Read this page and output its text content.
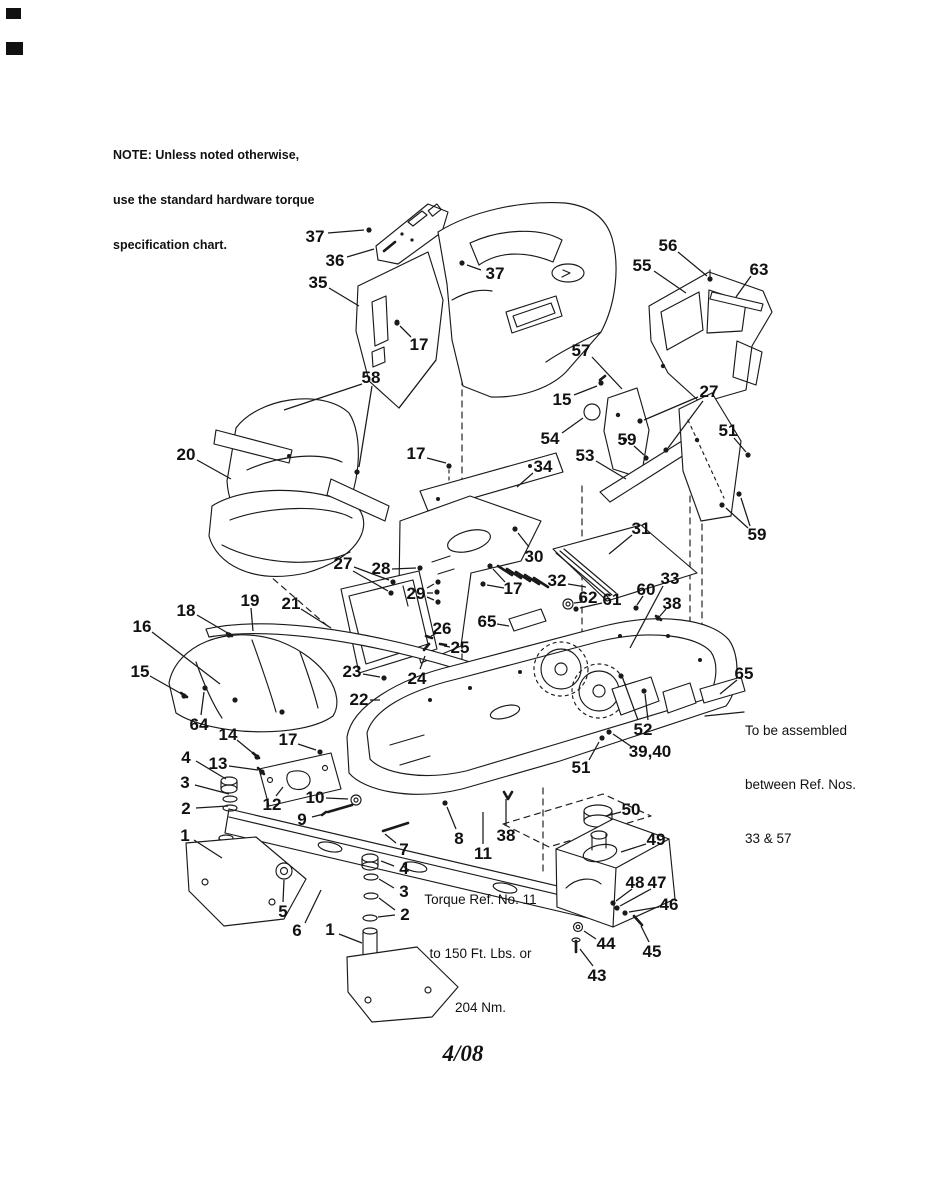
37
36
35
17
37
56
55	63
57
15
54	59
53
27
51
59
58
20	17
34
30
31
32
62 61
60
33
38
18
19 21
16
15
64
14
4 13
3
2
1
12 10
9
7
8
11
38
4
3
2
5
6 1
52
39,40
51
65
65
50
49
48 47
46
45
44
43
17
27 28
29	17
23
22
24
26
25

NOTE: Unless noted otherwise,

use the standard hardware torque

specification chart.

Torque Ref. No. 11

to 150 Ft. Lbs. or

204 Nm.

To be assembled

between Ref. Nos.

33 & 57

4/08
